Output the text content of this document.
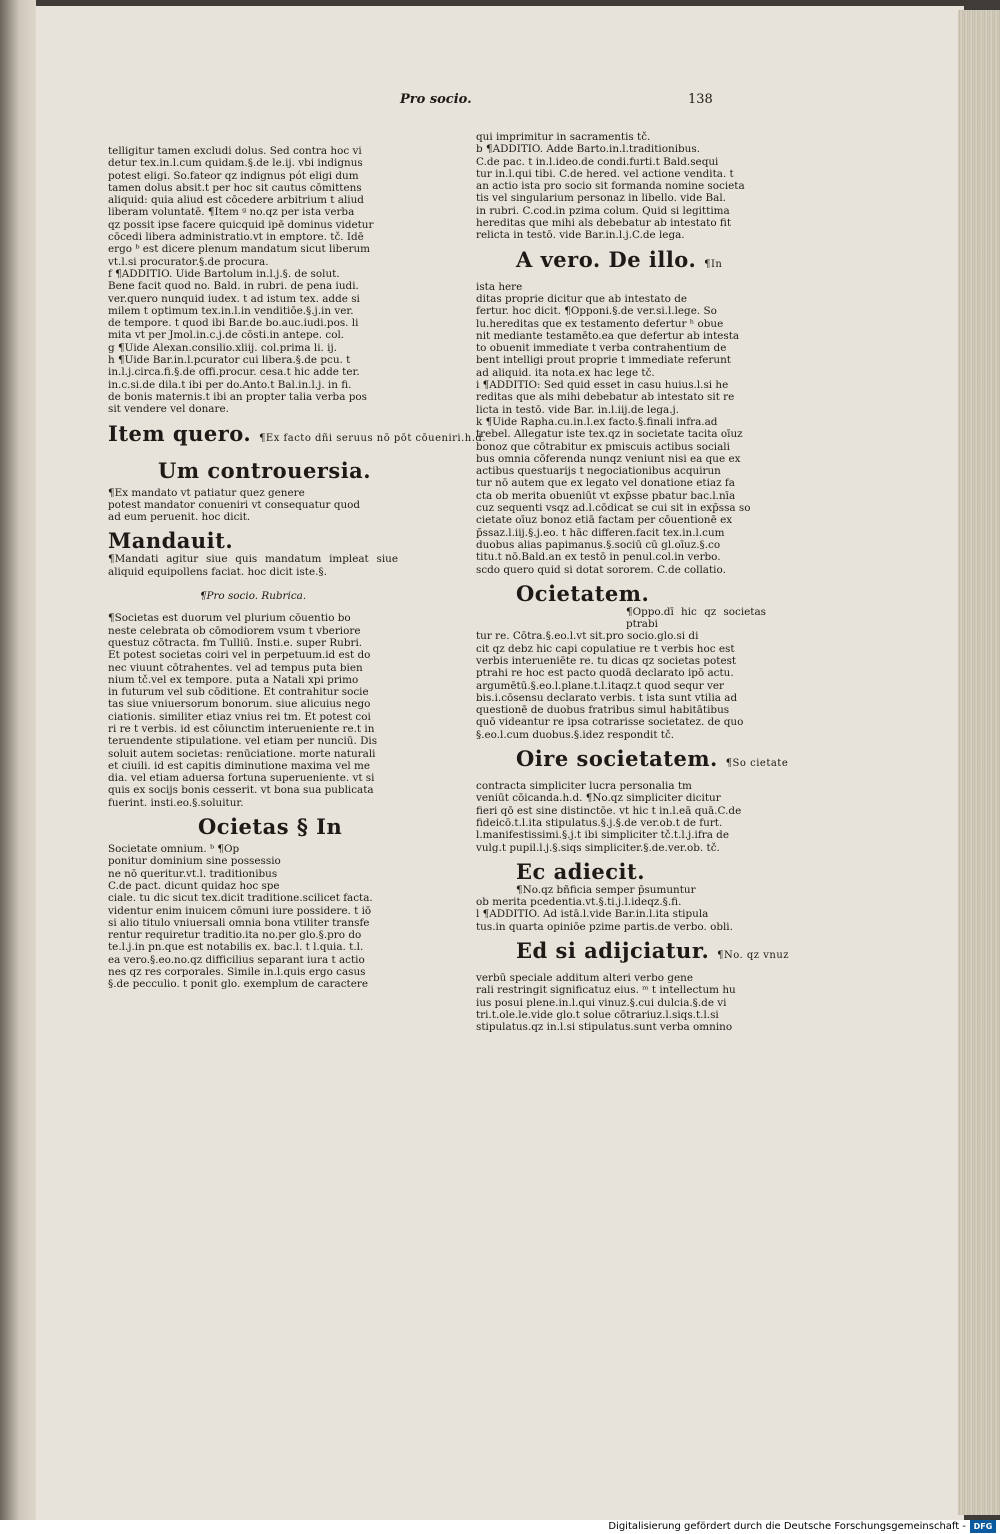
Pro socio.	138
telligitur tamen excludi dolus. Sed contra hoc vi
detur tex.in.l.cum quidam.§.de le.ij. vbi indignus
potest eligi. So.fateor qz indignus pót eligi dum
tamen dolus absit.t per hoc sit cautus cōmittens
aliquid: quia aliud est cōcedere arbitrium t aliud
liberam voluntatē. ¶Item ᵍ no.qz per ista verba
qz possit ipse facere quicquid ipē dominus videtur
cōcedi libera administratio.vt in emptore. tč. Idē
ergo ᵇ est dicere plenum mandatum sicut liberum
vt.l.si procurator.§.de procura.
f ¶ADDITIO. Uide Bartolum in.l.j.§. de solut.
Bene facit quod no. Bald. in rubri. de pena iudi.
ver.quero nunquid iudex. t ad istum tex. adde si
milem t optimum tex.in.l.in venditiōe.§.j.in ver.
de tempore. t quod ibi Bar.de bo.auc.iudi.pos. li
mita vt per Jmol.in.c.j.de cōsti.in antepe. col.
g ¶Uide Alexan.consilio.xliij. col.prima li. ij.
h ¶Uide Bar.in.l.pcurator cui libera.§.de pcu. t
in.l.j.circa.fi.§.de offi.procur. cesa.t hic adde ter.
in.c.si.de dila.t ibi per do.Anto.t Bal.in.l.j. in fi.
de bonis maternis.t ibi an propter talia verba pos
sit vendere vel donare.
Item quero. ¶Ex facto dñi seruus nō pōt cōueniri.h.d.
Um controuersia.
¶Ex mandato vt patiatur quez genere
potest mandator conueniri vt consequatur quod
ad eum peruenit. hoc dicit.
Mandauit.

¶Mandati agitur siue quis mandatum impleat siue aliquid equipollens faciat. hoc dicit iste.§.

¶Pro socio. Rubrica.
¶Societas est duorum vel plurium cōuentio bo
neste celebrata ob cōmodiorem vsum t vberiore
questuz cōtracta. fm Tulliū. Insti.e. super Rubri.
Et potest societas coiri vel in perpetuum.id est do
nec viuunt cōtrahentes. vel ad tempus puta bien
nium tč.vel ex tempore. puta a Natali xpi primo
in futurum vel sub cōditione. Et contrahitur socie
tas siue vniuersorum bonorum. siue alicuius nego
ciationis. similiter etiaz vnius rei tm. Et potest coi
ri re t verbis. id est cōiunctim interueniente re.t in
teruendente stipulatione. vel etiam per nunciū. Dis
soluit autem societas: renūciatione. morte naturali
et ciuili. id est capitis diminutione maxima vel me
dia. vel etiam aduersa fortuna superueniente. vt si
quis ex socijs bonis cesserit. vt bona sua publicata
fuerint. insti.eo.§.soluitur.
Ocietas § In
Societate omnium. ᵇ ¶Op
ponitur dominium sine possessio
ne nō queritur.vt.l. traditionibus
C.de pact. dicunt quidaz hoc spe
ciale. tu dic sicut tex.dicit traditione.scilicet facta.
videntur enim inuicem cōmuni iure possidere. t iō
si alio titulo vniuersali omnia bona vtiliter transfe
rentur requiretur traditio.ita no.per glo.§.pro do
te.l.j.in pn.que est notabilis ex. bac.l. t l.quia. t.l.
ea vero.§.eo.no.qz difficilius separant iura t actio
nes qz res corporales. Simile in.l.quis ergo casus
§.de pecculio. t ponit glo. exemplum de caractere
qui imprimitur in sacramentis tč.
b ¶ADDITIO. Adde Barto.in.l.traditionibus.
C.de pac. t in.l.ideo.de condi.furti.t Bald.sequi
tur in.l.qui tibi. C.de hered. vel actione vendita. t
an actio ista pro socio sit formanda nomine societa
tis vel singularium personaz in libello. vide Bal.
in rubri. C.cod.in pzima colum. Quid si legittima
hereditas que mihi als debebatur ab intestato fit
relicta in testō. vide Bar.in.l.j.C.de lega.
A vero. De illo. ¶In
ista here
ditas proprie dicitur que ab intestato de
fertur. hoc dicit. ¶Opponi.§.de ver.si.l.lege. So
lu.hereditas que ex testamento defertur ʰ obue
nit mediante testamēto.ea que defertur ab intesta
to obuenit immediate t verba contrahentium de
bent intelligi prout proprie t immediate referunt
ad aliquid. ita nota.ex hac lege tč.
i ¶ADDITIO: Sed quid esset in casu huius.l.si he
reditas que als mihi debebatur ab intestato sit re
licta in testō. vide Bar. in.l.iij.de lega.j.
k ¶Uide Rapha.cu.in.l.ex facto.§.finali infra.ad
trebel. Allegatur iste tex.qz in societate tacita oīuz
bonoz que cōtrabitur ex pmiscuis actibus sociali
bus omnia cōferenda nunqz veniunt nisi ea que ex
actibus questuarijs t negociationibus acquirun
tur nō autem que ex legato vel donatione etiaz fa
cta ob merita obueniūt vt exp̄sse pbatur bac.l.nīa
cuz sequenti vsqz ad.l.cōdicat se cui sit in exp̄ssa so
cietate oīuz bonoz etiā factam per cōuentionē ex
p̄ssaz.l.iij.§.j.eo. t hāc differen.facit tex.in.l.cum
duobus alias papimanus.§.sociū cū gl.oīuz.§.co
titu.t nō.Bald.an ex testō in penul.col.in verbo.
scdo quero quid si dotat sororem. C.de collatio.
Ocietatem.

¶Oppo.dī hic qz societas ptrabi

tur re. Cōtra.§.eo.l.vt sit.pro socio.glo.si di
cit qz debz hic capi copulatiue re t verbis hoc est
verbis interueniēte re. tu dicas qz societas potest
ptrahi re hoc est pacto quodā declarato ipō actu.
argumētū.§.eo.l.plane.t.l.itaqz.t quod sequr ver
bis.i.cōsensu declarato verbis. t ista sunt vtilia ad
questionē de duobus fratribus simul habitātibus
quō videantur re ipsa cotrarisse societatez. de quo
§.eo.l.cum duobus.§.idez respondit tč.
Oire societatem. ¶So cietate
contracta simpliciter lucra personalia tm
veniūt cōicanda.h.d. ¶No.qz simpliciter dicitur
fieri qō est sine distinctōe. vt hic t in.l.eā quā.C.de
fideicō.t.l.ita stipulatus.§.j.§.de ver.ob.t de furt.
l.manifestissimi.§.j.t ibi simpliciter tč.t.l.j.ifra de
vulg.t pupil.l.j.§.siqs simpliciter.§.de.ver.ob. tč.
Ec adiecit.

¶No.qz bñficia semper p̄sumuntur

ob merita pcedentia.vt.§.ti.j.l.ideqz.§.fi.
l ¶ADDITIO. Ad istā.l.vide Bar.in.l.ita stipula
tus.in quarta opiniōe pzime partis.de verbo. obli.
Ed si adijciatur. ¶No. qz vnuz
verbū speciale additum alteri verbo gene
rali restringit significatuz eius. ᵐ t intellectum hu
ius posui plene.in.l.qui vinuz.§.cui dulcia.§.de vi
tri.t.ole.le.vide glo.t solue cōtrariuz.l.siqs.t.l.si
stipulatus.qz in.l.si stipulatus.sunt verba omnino
Digitalisierung gefördert durch die Deutsche Forschungsgemeinschaft - DFG
